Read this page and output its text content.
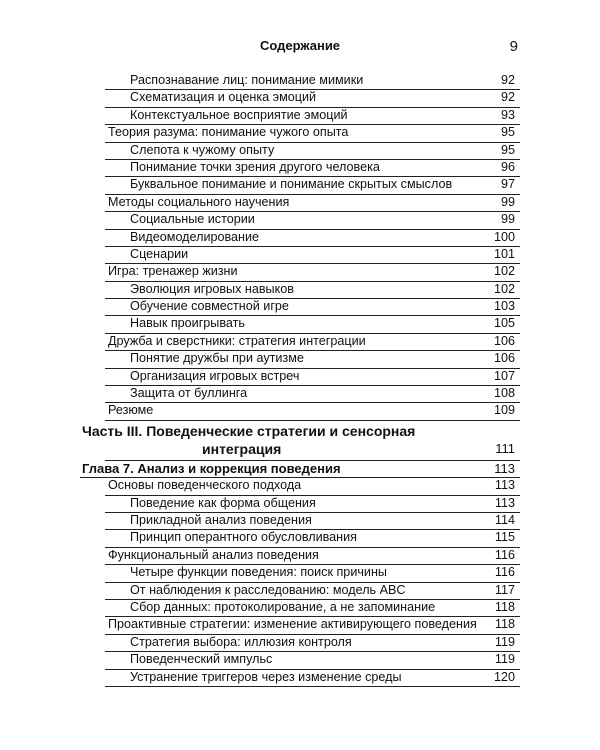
Содержание	9
Распознавание лиц: понимание мимики	92
Схематизация и оценка эмоций	92
Контекстуальное восприятие эмоций	93
Теория разума: понимание чужого опыта	95
Слепота к чужому опыту	95
Понимание точки зрения другого человека	96
Буквальное понимание и понимание скрытых смыслов	97
Методы социального научения	99
Социальные истории	99
Видеомоделирование	100
Сценарии	101
Игра: тренажер жизни	102
Эволюция игровых навыков	102
Обучение совместной игре	103
Навык проигрывать	105
Дружба и сверстники: стратегия интеграции	106
Понятие дружбы при аутизме	106
Организация игровых встреч	107
Защита от буллинга	108
Резюме	109
Часть III. Поведенческие стратегии и сенсорная
интеграция	111
Глава 7. Анализ и коррекция поведения	113
Основы поведенческого подхода	113
Поведение как форма общения	113
Прикладной анализ поведения	114
Принцип оперантного обусловливания	115
Функциональный анализ поведения	116
Четыре функции поведения: поиск причины	116
От наблюдения к расследованию: модель ABC	117
Сбор данных: протоколирование, а не запоминание	118
Проактивные стратегии: изменение активирующего поведения 118
Стратегия выбора: иллюзия контроля	119
Поведенческий импульс	119
Устранение триггеров через изменение среды	120
